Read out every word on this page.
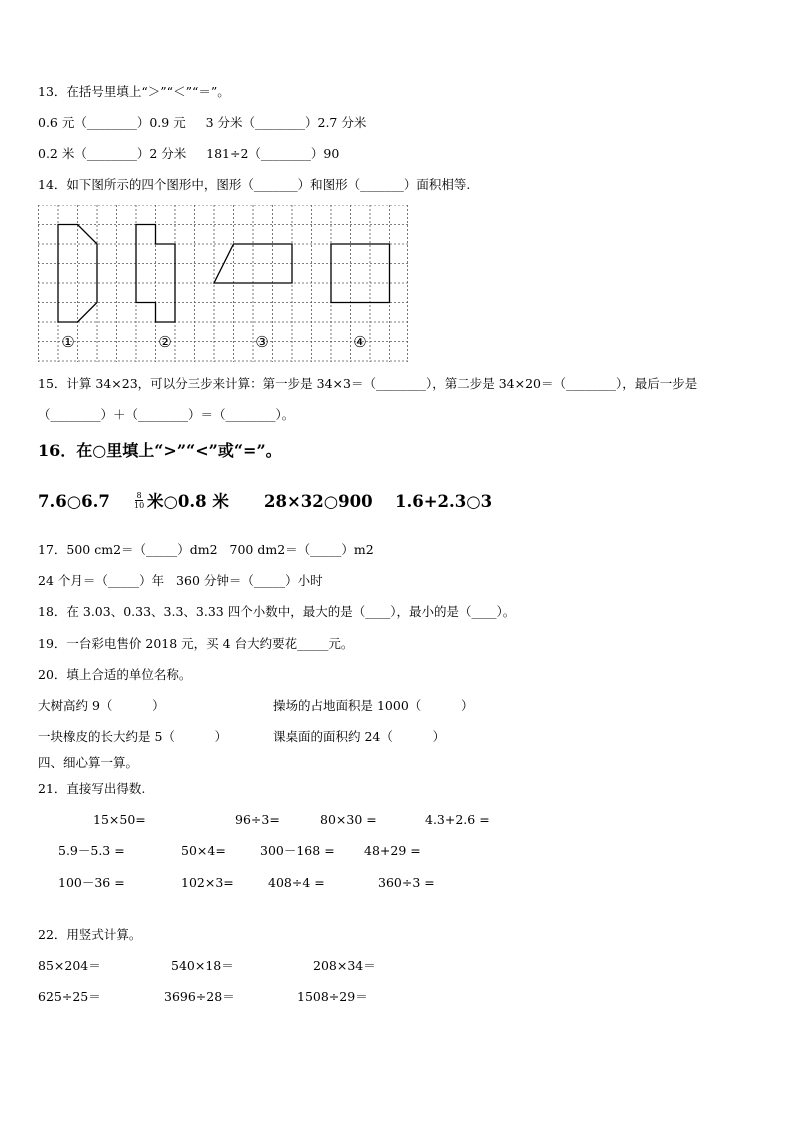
13．在括号里填上“＞”“＜”“＝”。
0.6 元（________）0.9 元     3 分米（________）2.7 分米
0.2 米（________）2 分米     181÷2（________）90
14．如下图所示的四个图形中，图形（_______）和图形（_______）面积相等.
①	②	③	④
15．计算 34×23，可以分三步来计算：第一步是 34×3＝（________），第二步是 34×20＝（________），最后一步是
（________）＋（________）＝（________）。
16．在○里填上“>”“<”或“=”。
7.6○6.7	8
10 米○0.8 米 28×32○900 1.6+2.3○3
17．500 cm2＝（_____）dm2   700 dm2＝（_____）m2
24 个月＝（_____）年   360 分钟＝（_____）小时
18．在 3.03、0.33、3.3、3.33 四个小数中，最大的是（____），最小的是（____）。
19．一台彩电售价 2018 元，买 4 台大约要花_____元。
20．填上合适的单位名称。
大树高约 9（          ）	操场的占地面积是 1000（          ）
一块橡皮的长大约是 5（          ）	课桌面的面积约 24（          ）
四、细心算一算。
21．直接写出得数.
15×50=	96÷3=	80×30 =	4.3+2.6 =
5.9－5.3 =	50×4=	300－168 = 48+29 =
100－36 =	102×3=	408÷4 =	360÷3 =
22．用竖式计算。
85×204＝	540×18＝	208×34＝
625÷25＝	3696÷28＝	1508÷29＝
